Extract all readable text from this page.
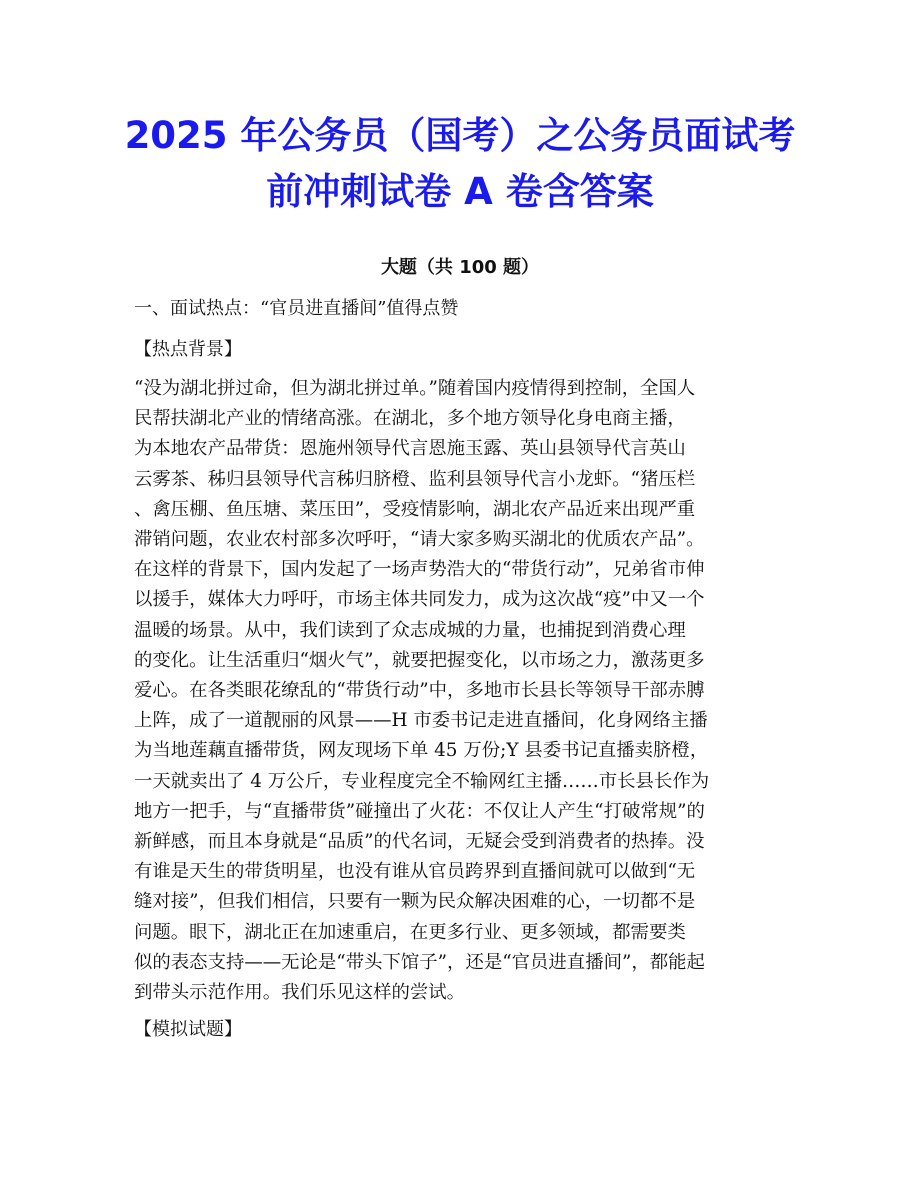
2025 年公务员（国考）之公务员面试考
前冲刺试卷 A 卷含答案
大题（共 100 题）
一、面试热点：“官员进直播间”值得点赞
【热点背景】
“没为湖北拼过命，但为湖北拼过单。”随着国内疫情得到控制，全国人
民帮扶湖北产业的情绪高涨。在湖北，多个地方领导化身电商主播，
为本地农产品带货：恩施州领导代言恩施玉露、英山县领导代言英山
云雾茶、秭归县领导代言秭归脐橙、监利县领导代言小龙虾。“猪压栏
、禽压棚、鱼压塘、菜压田”，受疫情影响，湖北农产品近来出现严重
滞销问题，农业农村部多次呼吁，“请大家多购买湖北的优质农产品”。
在这样的背景下，国内发起了一场声势浩大的“带货行动”，兄弟省市伸
以援手，媒体大力呼吁，市场主体共同发力，成为这次战“疫”中又一个
温暖的场景。从中，我们读到了众志成城的力量，也捕捉到消费心理
的变化。让生活重归“烟火气”，就要把握变化，以市场之力，激荡更多
爱心。在各类眼花缭乱的“带货行动”中，多地市长县长等领导干部赤膊
上阵，成了一道靓丽的风景——H 市委书记走进直播间，化身网络主播
为当地莲藕直播带货，网友现场下单 45 万份;Y 县委书记直播卖脐橙，
一天就卖出了 4 万公斤，专业程度完全不输网红主播……市长县长作为
地方一把手，与“直播带货”碰撞出了火花：不仅让人产生“打破常规”的
新鲜感，而且本身就是“品质”的代名词，无疑会受到消费者的热捧。没
有谁是天生的带货明星，也没有谁从官员跨界到直播间就可以做到“无
缝对接”，但我们相信，只要有一颗为民众解决困难的心，一切都不是
问题。眼下，湖北正在加速重启，在更多行业、更多领域，都需要类
似的表态支持——无论是“带头下馆子”，还是“官员进直播间”，都能起
到带头示范作用。我们乐见这样的尝试。
【模拟试题】
